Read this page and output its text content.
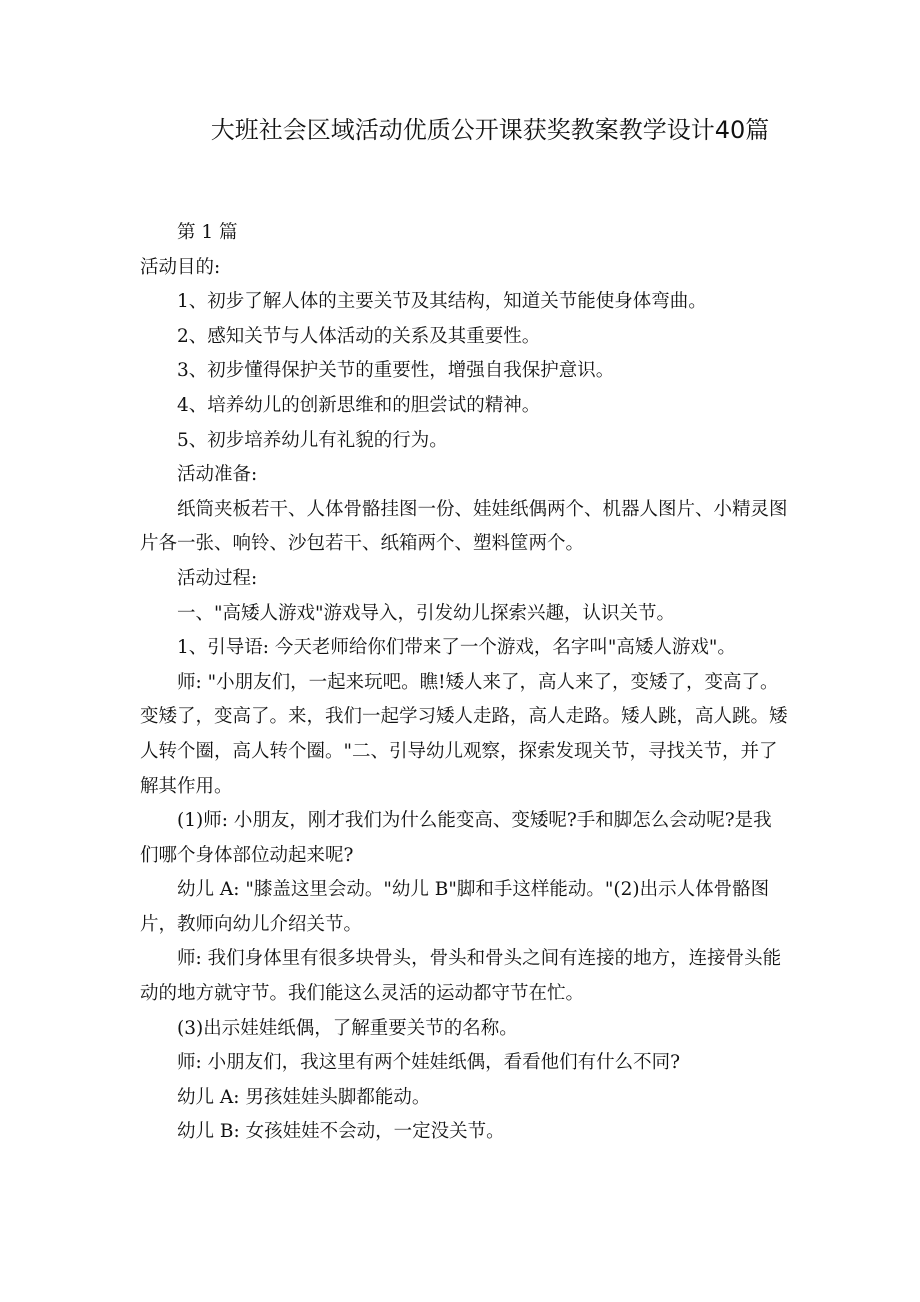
大班社会区域活动优质公开课获奖教案教学设计40篇

第 1 篇

活动目的:

1、初步了解人体的主要关节及其结构，知道关节能使身体弯曲。

2、感知关节与人体活动的关系及其重要性。

3、初步懂得保护关节的重要性，增强自我保护意识。

4、培养幼儿的创新思维和的胆尝试的精神。

5、初步培养幼儿有礼貌的行为。

活动准备:

纸筒夹板若干、人体骨骼挂图一份、娃娃纸偶两个、机器人图片、小精灵图片各一张、响铃、沙包若干、纸箱两个、塑料筐两个。

活动过程:

一、"高矮人游戏"游戏导入，引发幼儿探索兴趣，认识关节。

1、引导语: 今天老师给你们带来了一个游戏，名字叫"高矮人游戏"。

师: "小朋友们，一起来玩吧。瞧!矮人来了，高人来了，变矮了，变高了。变矮了，变高了。来，我们一起学习矮人走路，高人走路。矮人跳，高人跳。矮人转个圈，高人转个圈。"二、引导幼儿观察，探索发现关节，寻找关节，并了解其作用。

(1)师: 小朋友，刚才我们为什么能变高、变矮呢?手和脚怎么会动呢?是我们哪个身体部位动起来呢?

幼儿 A: "膝盖这里会动。"幼儿 B"脚和手这样能动。"(2)出示人体骨骼图片，教师向幼儿介绍关节。

师: 我们身体里有很多块骨头，骨头和骨头之间有连接的地方，连接骨头能动的地方就守节。我们能这么灵活的运动都守节在忙。

(3)出示娃娃纸偶，了解重要关节的名称。

师: 小朋友们，我这里有两个娃娃纸偶，看看他们有什么不同?

幼儿 A: 男孩娃娃头脚都能动。

幼儿 B: 女孩娃娃不会动，一定没关节。
